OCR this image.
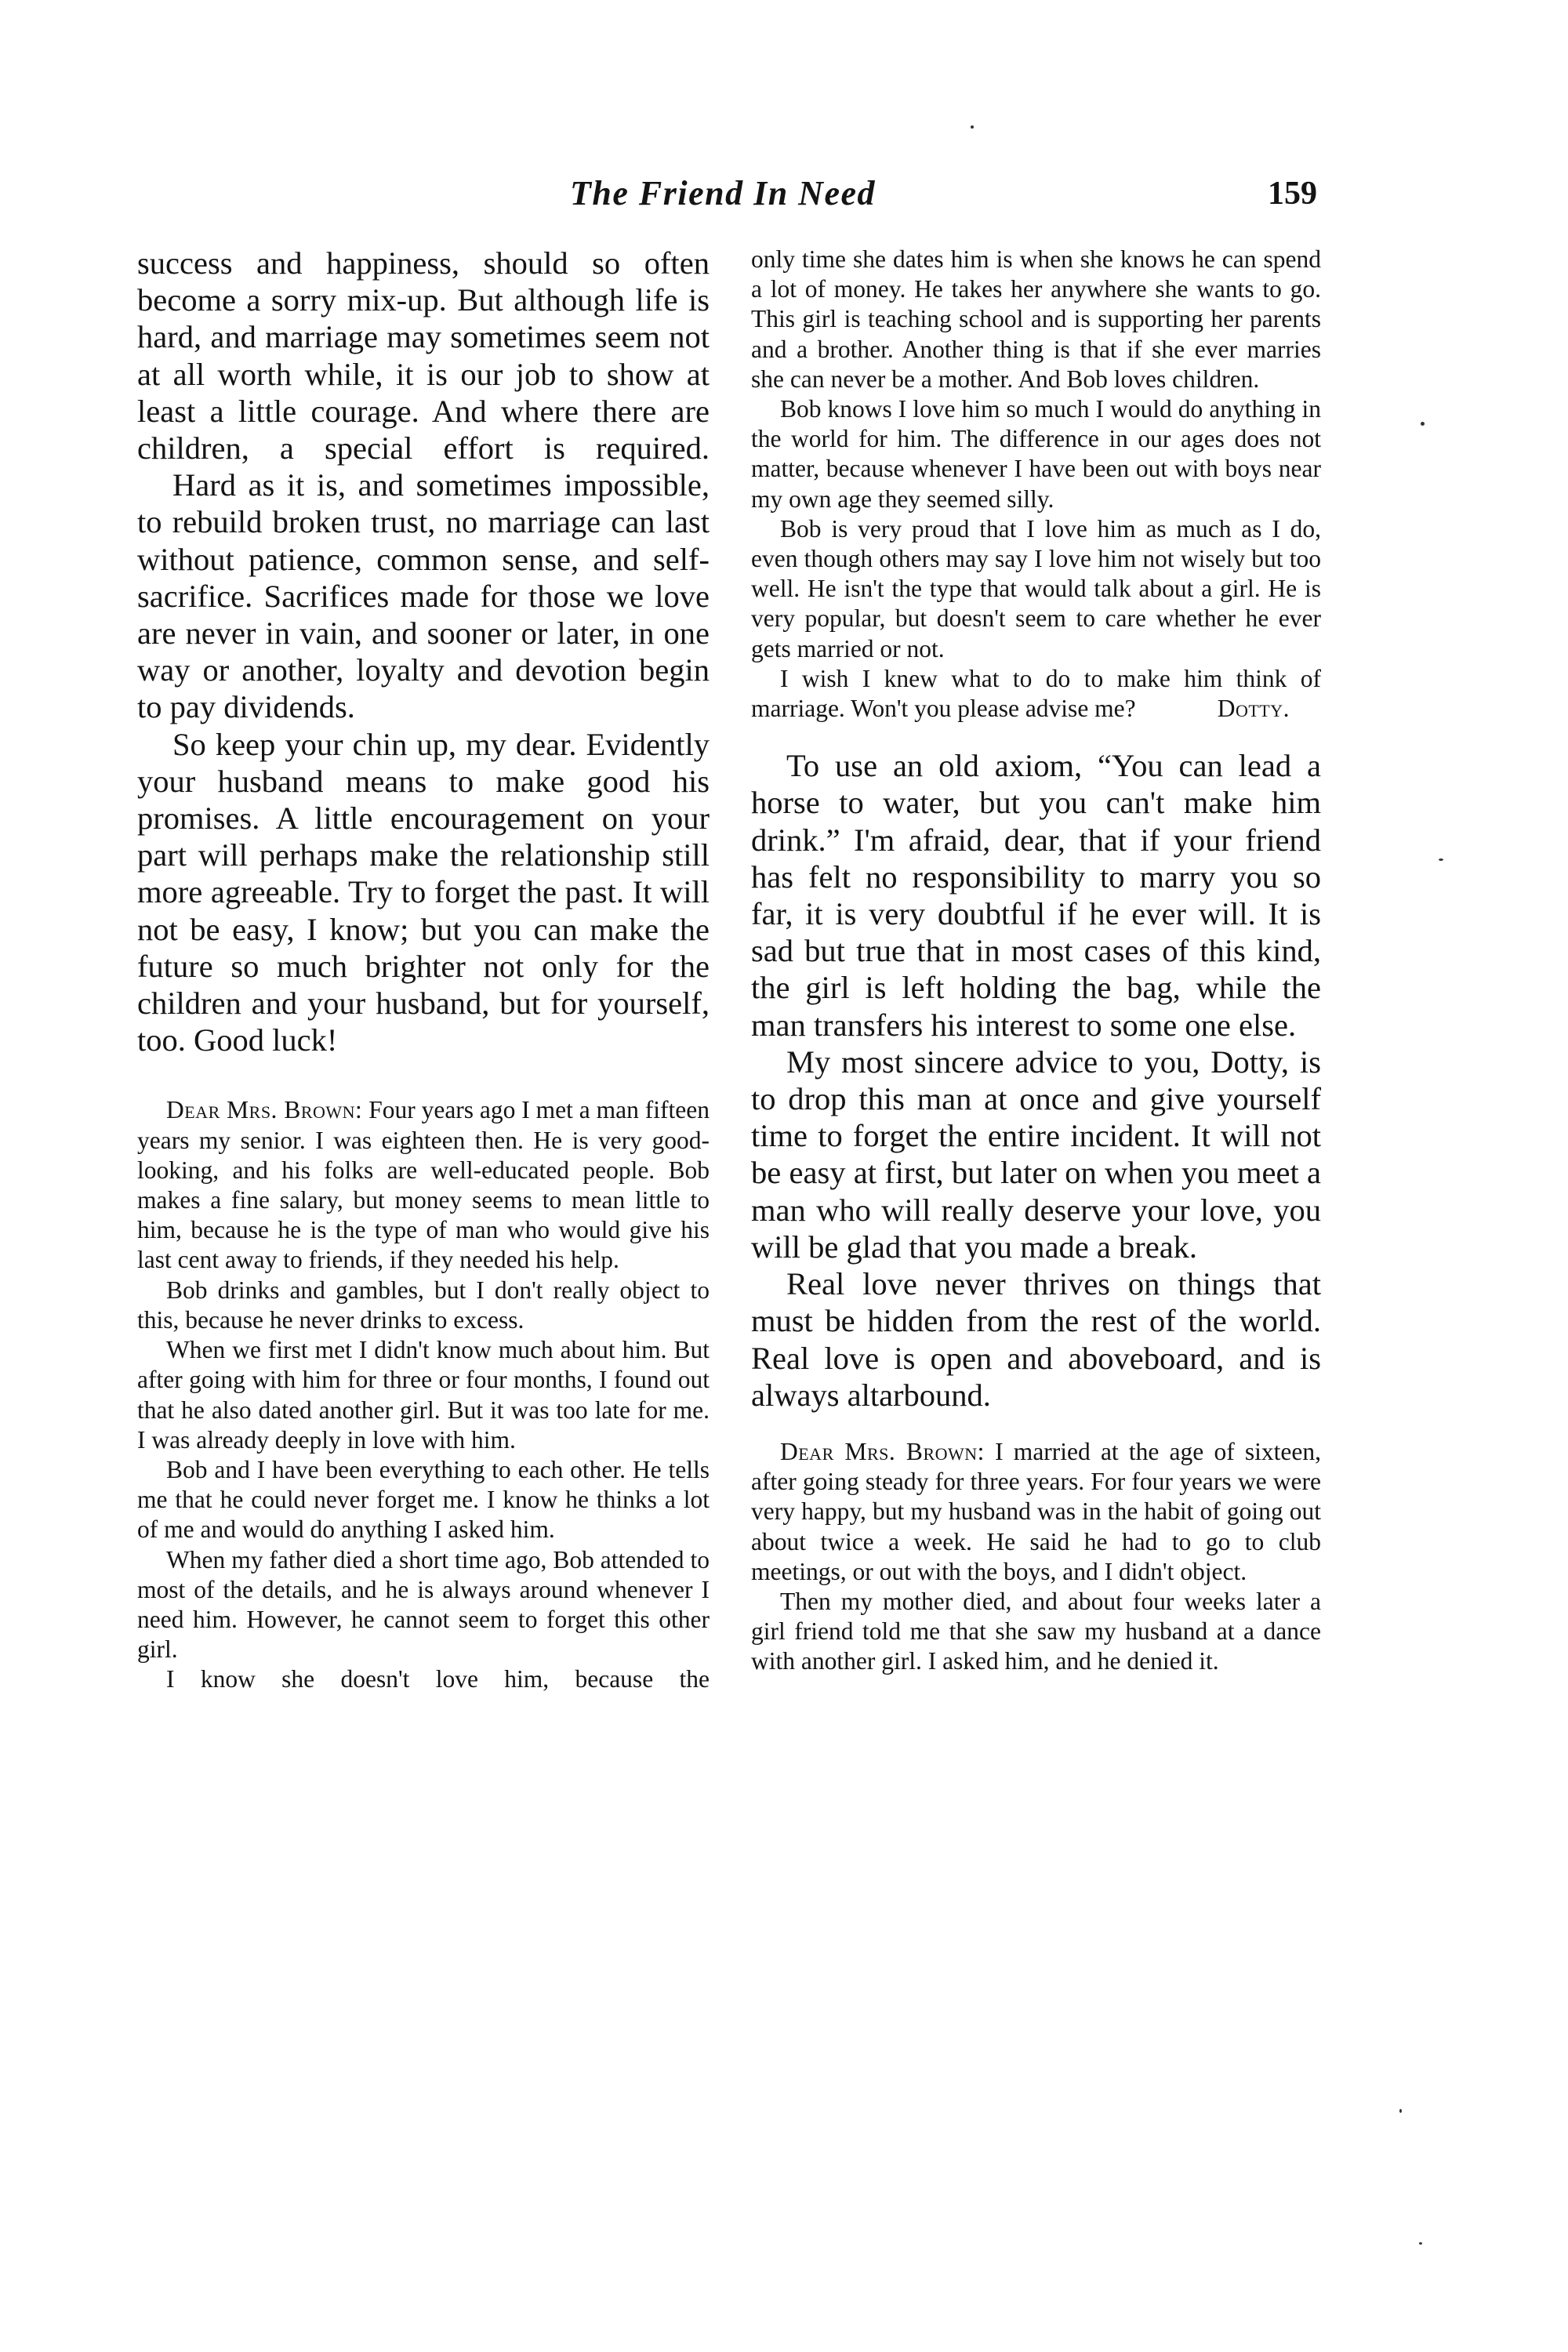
The Friend In Need	159

success and happiness, should so often become a sorry mix-up. But although life is hard, and marriage may sometimes seem not at all worth while, it is our job to show at least a little courage. And where there are children, a special effort is required.

Hard as it is, and sometimes impossible, to rebuild broken trust, no marriage can last without patience, common sense, and self-sacrifice. Sacrifices made for those we love are never in vain, and sooner or later, in one way or another, loyalty and devotion begin to pay dividends.

So keep your chin up, my dear. Evidently your husband means to make good his promises. A little encouragement on your part will perhaps make the relationship still more agreeable. Try to forget the past. It will not be easy, I know; but you can make the future so much brighter not only for the children and your husband, but for yourself, too. Good luck!

Dear Mrs. Brown: Four years ago I met a man fifteen years my senior. I was eighteen then. He is very good-looking, and his folks are well-educated people. Bob makes a fine salary, but money seems to mean little to him, because he is the type of man who would give his last cent away to friends, if they needed his help.

Bob drinks and gambles, but I don't really object to this, because he never drinks to excess.

When we first met I didn't know much about him. But after going with him for three or four months, I found out that he also dated another girl. But it was too late for me. I was already deeply in love with him.

Bob and I have been everything to each other. He tells me that he could never forget me. I know he thinks a lot of me and would do anything I asked him.

When my father died a short time ago, Bob attended to most of the details, and he is always around whenever I need him. However, he cannot seem to forget this other girl.

I know she doesn't love him, because the

only time she dates him is when she knows he can spend a lot of money. He takes her anywhere she wants to go. This girl is teaching school and is supporting her parents and a brother. Another thing is that if she ever marries she can never be a mother. And Bob loves children.

Bob knows I love him so much I would do anything in the world for him. The difference in our ages does not matter, because whenever I have been out with boys near my own age they seemed silly.

Bob is very proud that I love him as much as I do, even though others may say I love him not wisely but too well. He isn't the type that would talk about a girl. He is very popular, but doesn't seem to care whether he ever gets married or not.

I wish I knew what to do to make him think of marriage. Won't you please advise me?	Dotty.

To use an old axiom, “You can lead a horse to water, but you can't make him drink.” I'm afraid, dear, that if your friend has felt no responsibility to marry you so far, it is very doubtful if he ever will. It is sad but true that in most cases of this kind, the girl is left holding the bag, while the man transfers his interest to some one else.

My most sincere advice to you, Dotty, is to drop this man at once and give yourself time to forget the entire incident. It will not be easy at first, but later on when you meet a man who will really deserve your love, you will be glad that you made a break.

Real love never thrives on things that must be hidden from the rest of the world. Real love is open and aboveboard, and is always altarbound.

Dear Mrs. Brown: I married at the age of sixteen, after going steady for three years. For four years we were very happy, but my husband was in the habit of going out about twice a week. He said he had to go to club meetings, or out with the boys, and I didn't object.

Then my mother died, and about four weeks later a girl friend told me that she saw my husband at a dance with another girl. I asked him, and he denied it.
